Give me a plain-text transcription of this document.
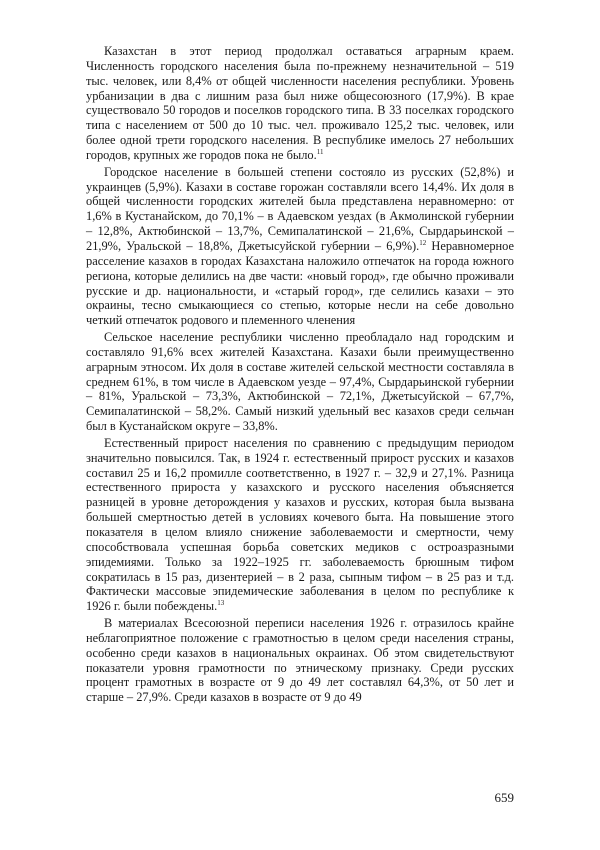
Казахстан в этот период продолжал оставаться аграрным краем. Численность городского населения была по-прежнему незначительной – 519 тыс. человек, или 8,4% от общей численности населения республики. Уровень урбанизации в два с лишним раза был ниже общесоюзного (17,9%). В крае существовало 50 городов и поселков городского типа. В 33 поселках городского типа с населением от 500 до 10 тыс. чел. проживало 125,2 тыс. человек, или более одной трети городского населения. В республике имелось 27 небольших городов, крупных же городов пока не было.$^{11}$

Городское население в большей степени состояло из русских (52,8%) и украинцев (5,9%). Казахи в составе горожан составляли всего 14,4%. Их доля в общей численности городских жителей была представлена неравномерно: от 1,6% в Кустанайском, до 70,1% – в Адаевском уездах (в Акмолинской губернии – 12,8%, Актюбинской – 13,7%, Семипалатинской – 21,6%, Сырдарьинской – 21,9%, Уральской – 18,8%, Джетысуйской губернии – 6,9%).$^{12}$ Неравномерное расселение казахов в городах Казахстана наложило отпечаток на города южного региона, которые делились на две части: «новый город», где обычно проживали русские и др. национальности, и «старый город», где селились казахи – это окраины, тесно смыкающиеся со степью, которые несли на себе довольно четкий отпечаток родового и племенного членения

Сельское население республики численно преобладало над городским и составляло 91,6% всех жителей Казахстана. Казахи были преимущественно аграрным этносом. Их доля в составе жителей сельской местности составляла в среднем 61%, в том числе в Адаевском уезде – 97,4%, Сырдарьинской губернии – 81%, Уральской – 73,3%, Актюбинской – 72,1%, Джетысуйской – 67,7%, Семипалатинской – 58,2%. Самый низкий удельный вес казахов среди сельчан был в Кустанайском округе – 33,8%.

Естественный прирост населения по сравнению с предыдущим периодом значительно повысился. Так, в 1924 г. естественный прирост русских и казахов составил 25 и 16,2 промилле соответственно, в 1927 г. – 32,9 и 27,1%. Разница естественного прироста у казахского и русского населения объясняется разницей в уровне деторождения у казахов и русских, которая была вызвана большей смертностью детей в условиях кочевого быта. На повышение этого показателя в целом влияло снижение заболеваемости и смертности, чему способствовала успешная борьба советских медиков с остроазразными эпидемиями. Только за 1922–1925 гг. заболеваемость брюшным тифом сократилась в 15 раз, дизентерией – в 2 раза, сыпным тифом – в 25 раз и т.д. Фактически массовые эпидемические заболевания в целом по республике к 1926 г. были побеждены.$^{13}$

В материалах Всесоюзной переписи населения 1926 г. отразилось крайне неблагоприятное положение с грамотностью в целом среди населения страны, особенно среди казахов в национальных окраинах. Об этом свидетельствуют показатели уровня грамотности по этническому признаку. Среди русских процент грамотных в возрасте от 9 до 49 лет составлял 64,3%, от 50 лет и старше – 27,9%. Среди казахов в возрасте от 9 до 49

659
